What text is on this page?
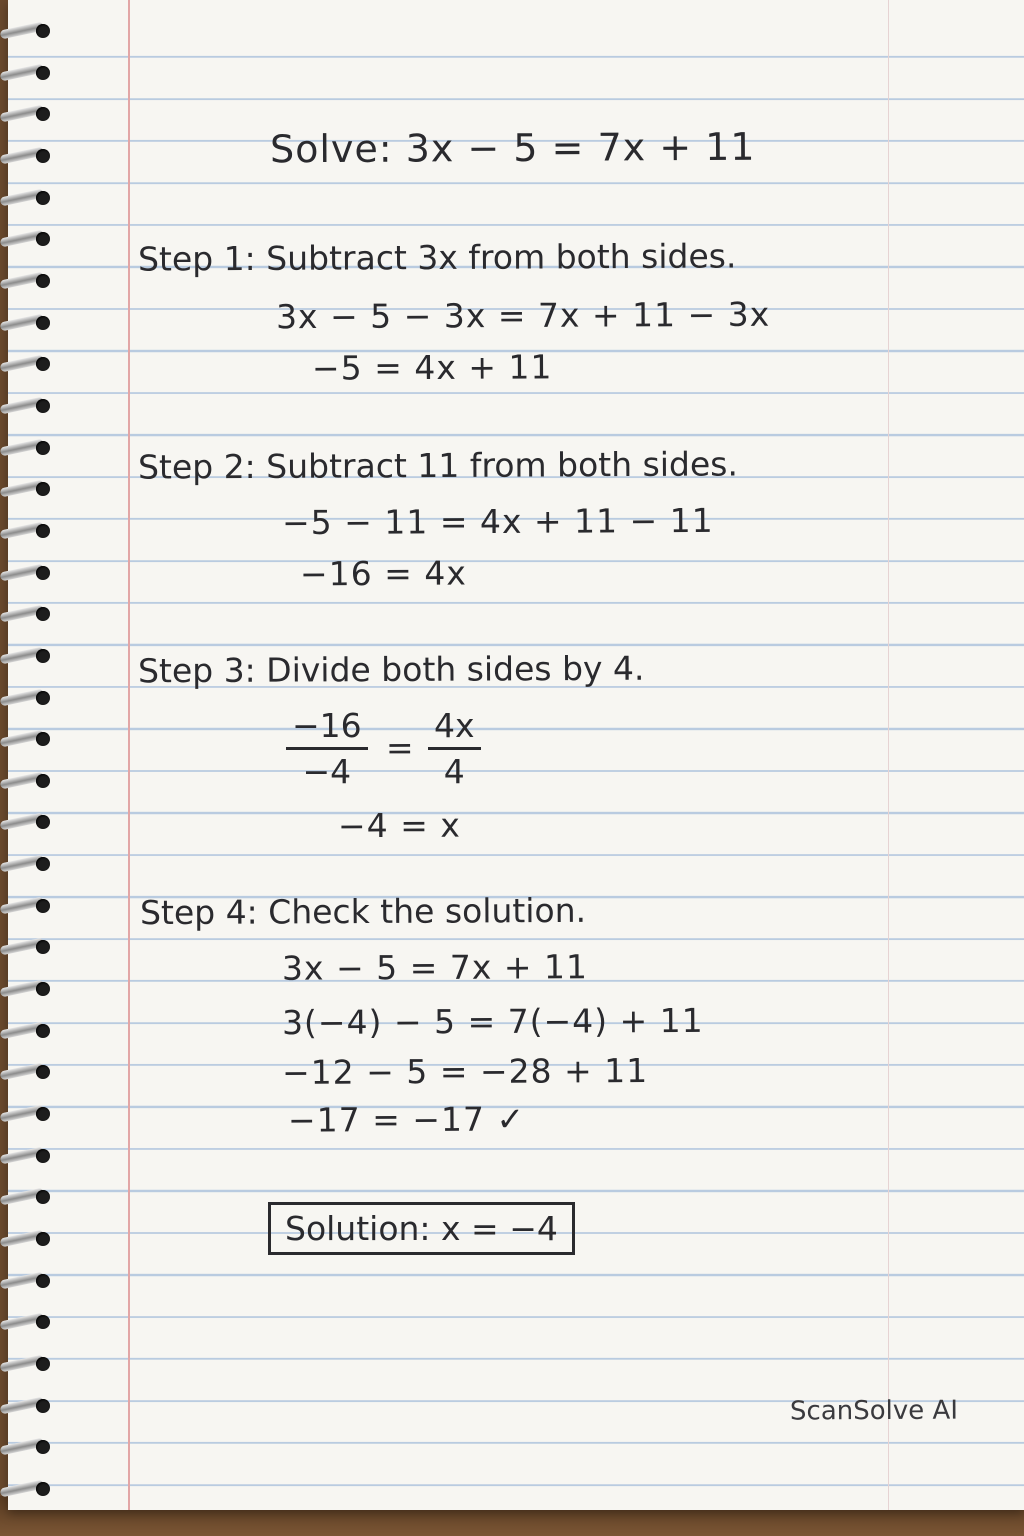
Solve: 3x − 5 = 7x + 11
Step 1: Subtract 3x from both sides.
3x − 5 − 3x = 7x + 11 − 3x
−5 = 4x + 11
Step 2: Subtract 11 from both sides.
−5 − 11 = 4x + 11 − 11
−16 = 4x
Step 3: Divide both sides by 4.
$\frac{-16}{-4} = \frac{4x}{4}$
−4 = x
Step 4: Check the solution.
3x − 5 = 7x + 11
3(−4) − 5 = 7(−4) + 11
−12 − 5 = −28 + 11
−17 = −17 ✓
Solution: x = −4
ScanSolve AI
